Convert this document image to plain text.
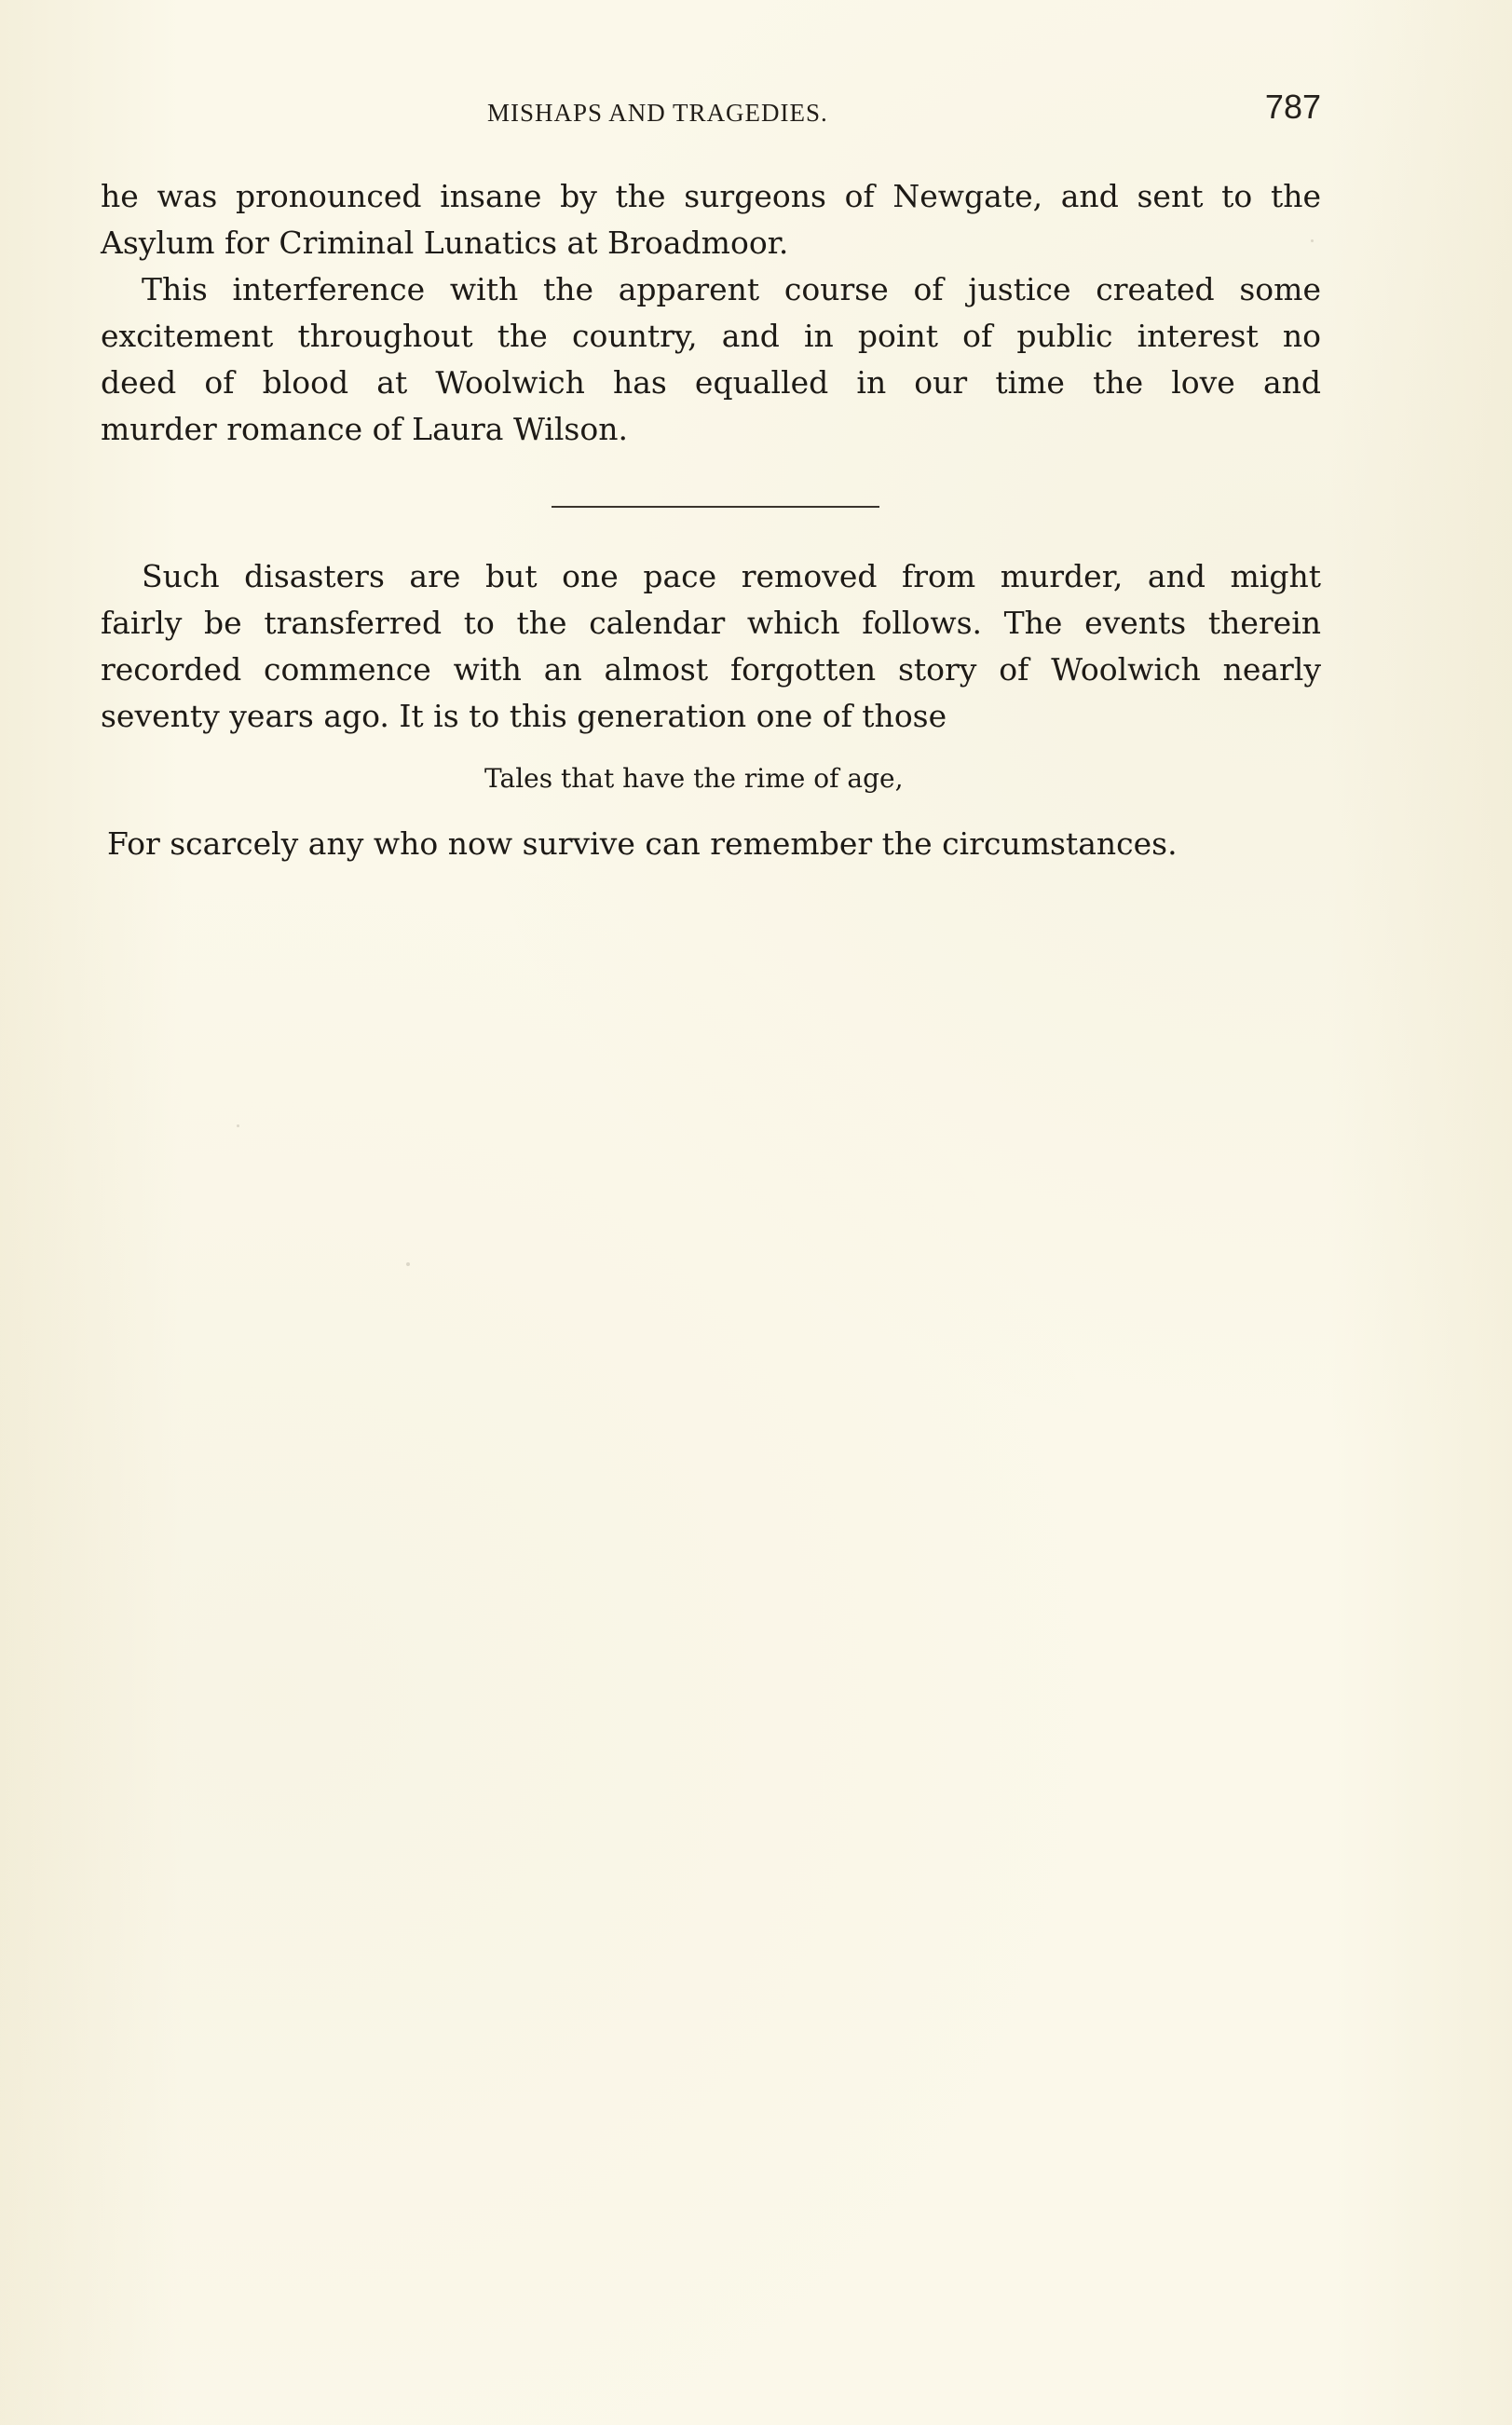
MISHAPS AND TRAGEDIES.	787
he was pronounced insane by the surgeons of Newgate, and sent to the
Asylum for Criminal Lunatics at Broadmoor.
This interference with the apparent course of justice created some
excitement throughout the country, and in point of public interest no
deed of blood at Woolwich has equalled in our time the love and
murder romance of Laura Wilson.
Such disasters are but one pace removed from murder, and might
fairly be transferred to the calendar which follows. The events therein
recorded commence with an almost forgotten story of Woolwich nearly
seventy years ago. It is to this generation one of those
Tales that have the rime of age,
For scarcely any who now survive can remember the circumstances.
